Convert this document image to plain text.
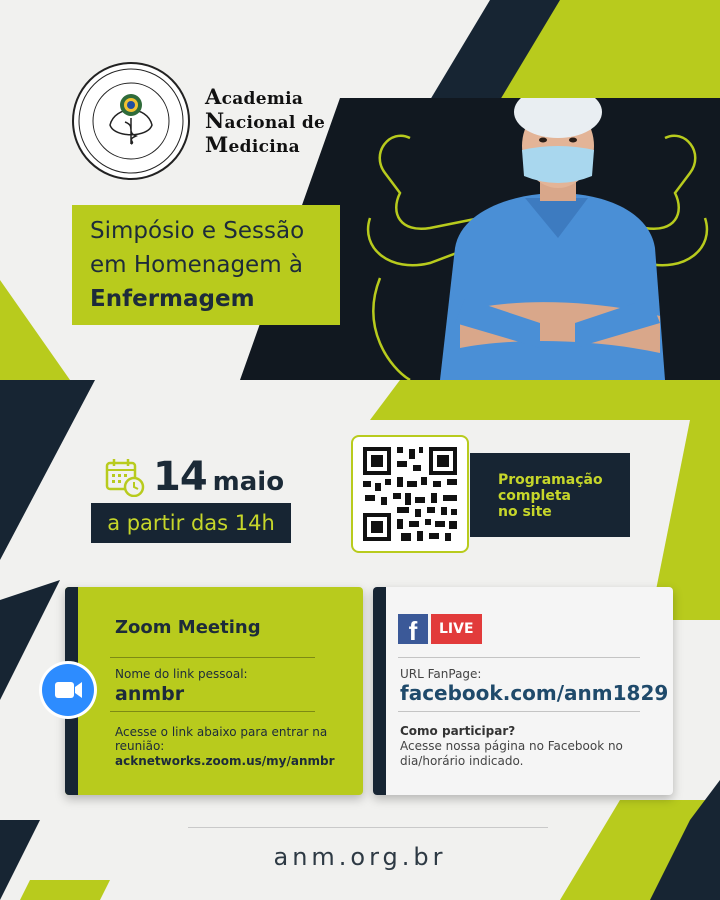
Academia
Nacional de
Medicina
Simpósio e Sessão
em Homenagem à
Enfermagem
14 maio
a partir das 14h
Programação
completa
no site
Zoom Meeting
Nome do link pessoal:
anmbr
Acesse o link abaixo para entrar na reunião:
acknetworks.zoom.us/my/anmbr
f	LIVE
URL FanPage:
facebook.com/anm1829
Como participar?
Acesse nossa página no Facebook no dia/horário indicado.
anm.org.br
